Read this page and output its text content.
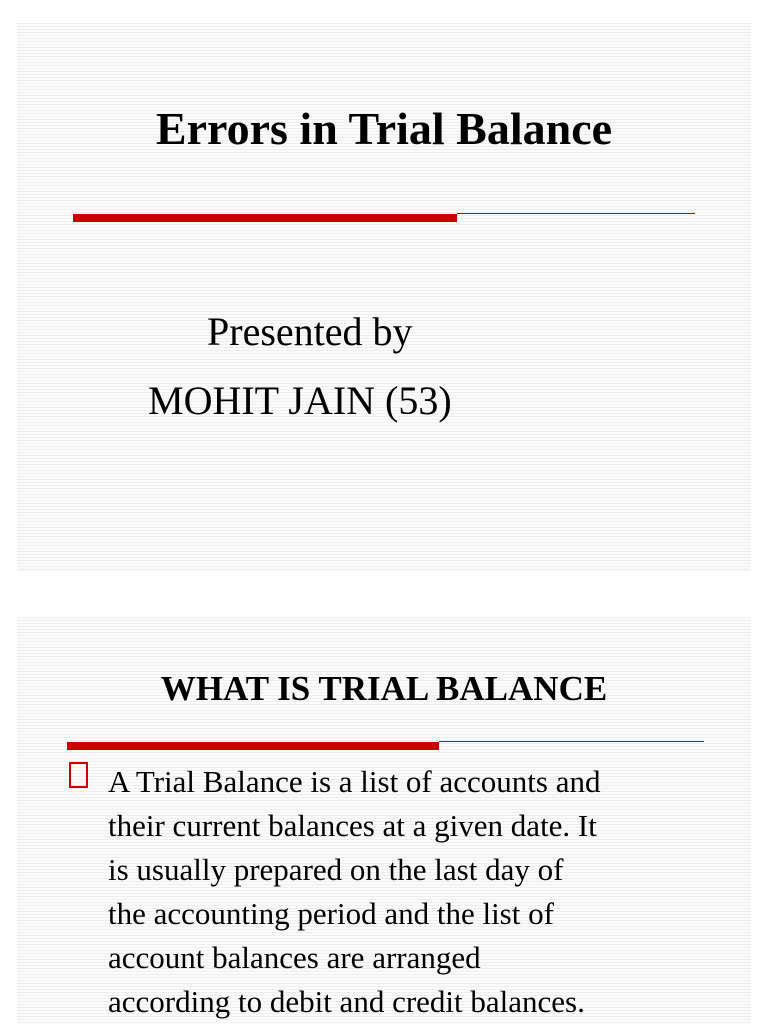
Errors in Trial Balance
Presented by
MOHIT JAIN (53)
WHAT IS TRIAL BALANCE

A Trial Balance is a list of accounts and
their current balances at a given date. It
is usually prepared on the last day of
the accounting period and the list of
account balances are arranged
according to debit and credit balances.
